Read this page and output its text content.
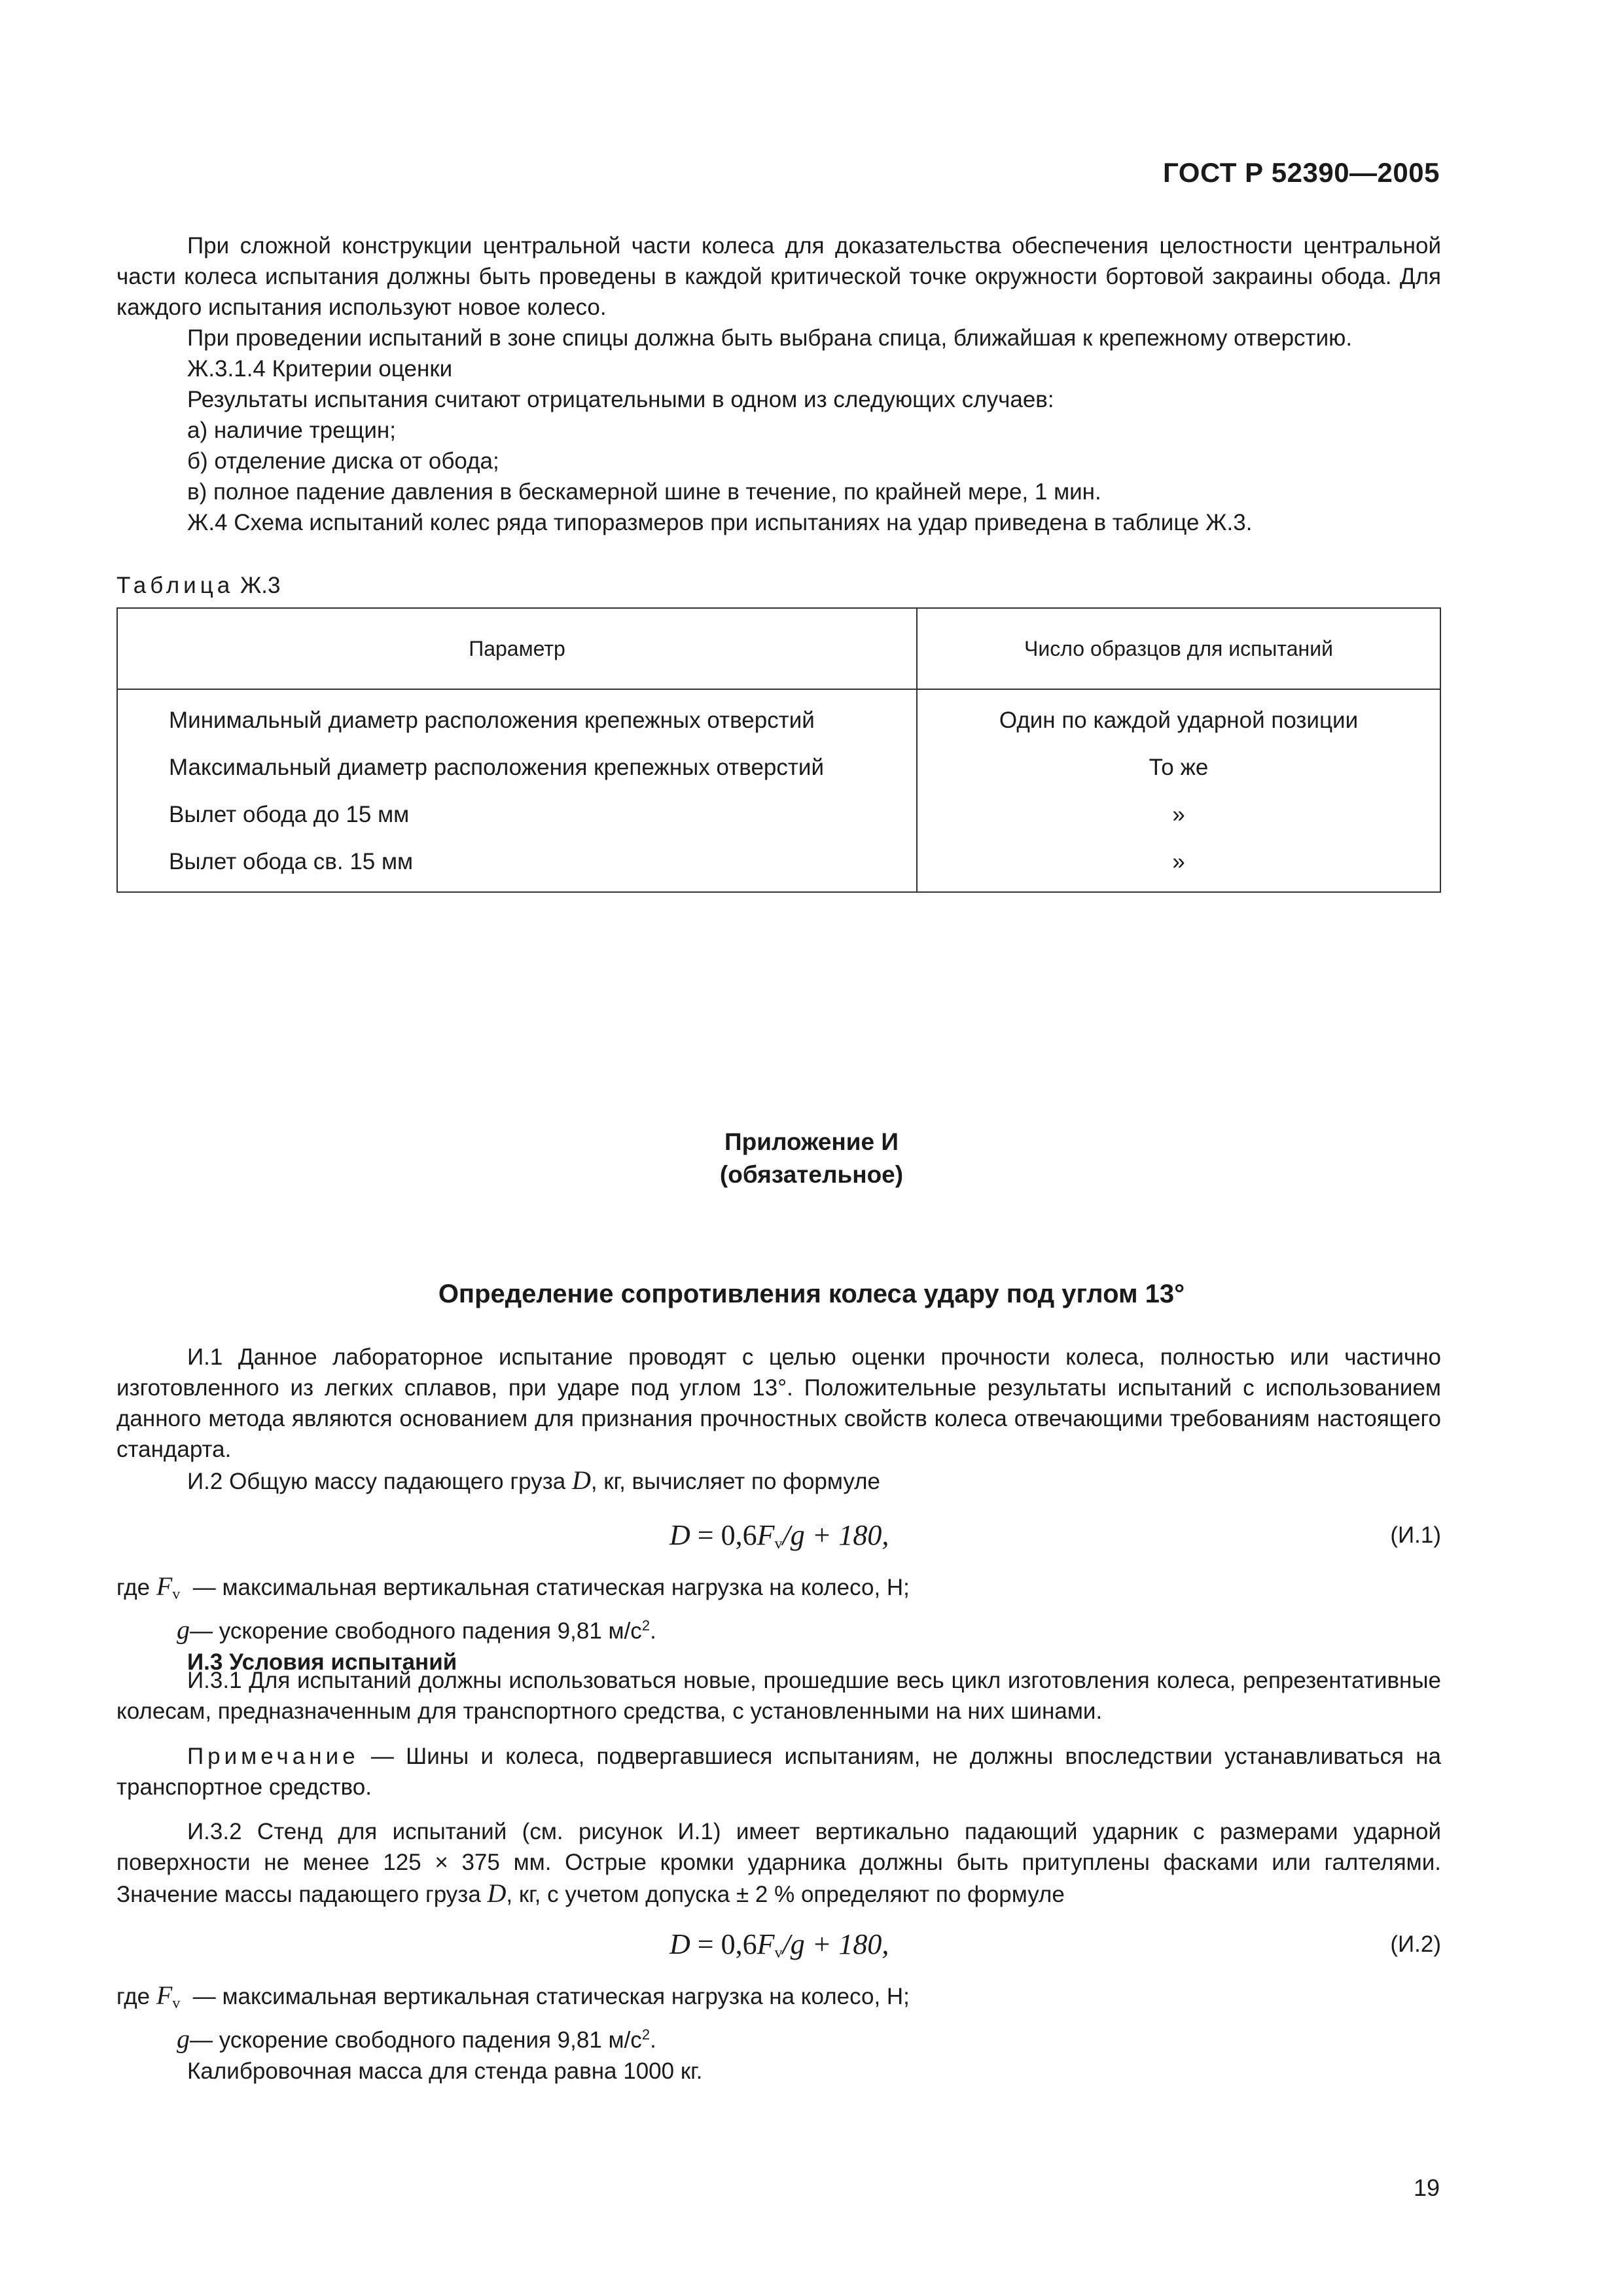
ГОСТ Р 52390—2005

При сложной конструкции центральной части колеса для доказательства обеспечения целостности центральной части колеса испытания должны быть проведены в каждой критической точке окружности бортовой закраины обода. Для каждого испытания используют новое колесо.

При проведении испытаний в зоне спицы должна быть выбрана спица, ближайшая к крепежному отверстию.

Ж.3.1.4 Критерии оценки

Результаты испытания считают отрицательными в одном из следующих случаев:

а) наличие трещин;

б) отделение диска от обода;

в) полное падение давления в бескамерной шине в течение, по крайней мере, 1 мин.

Ж.4 Схема испытаний колес ряда типоразмеров при испытаниях на удар приведена в таблице Ж.3.

Таблица Ж.3
Параметр	Число образцов для испытаний
Минимальный диаметр расположения крепежных отверстий	Один по каждой ударной позиции
Максимальный диаметр расположения крепежных отверстий	То же
Вылет обода до 15 мм	»
Вылет обода св. 15 мм	»
Приложение И
(обязательное)
Определение сопротивления колеса удару под углом 13°

И.1 Данное лабораторное испытание проводят с целью оценки прочности колеса, полностью или частично изготовленного из легких сплавов, при ударе под углом 13°. Положительные результаты испытаний с использованием данного метода являются основанием для признания прочностных свойств колеса отвечающими требованиям настоящего стандарта.

И.2 Общую массу падающего груза D, кг, вычисляет по формуле

$D = 0,6F_v/g + 180$,	(И.1)
где $F_v$ — максимальная вертикальная статическая нагрузка на колесо, Н;
g— ускорение свободного падения 9,81 $м/с^2$.
И.3 Условия испытаний

И.3.1 Для испытаний должны использоваться новые, прошедшие весь цикл изготовления колеса, репрезентативные колесам, предназначенным для транспортного средства, с установленными на них шинами.

Примечание — Шины и колеса, подвергавшиеся испытаниям, не должны впоследствии устанавливаться на транспортное средство.

И.3.2 Стенд для испытаний (см. рисунок И.1) имеет вертикально падающий ударник с размерами ударной поверхности не менее 125 × 375 мм. Острые кромки ударника должны быть притуплены фасками или галтелями. Значение массы падающего груза D, кг, с учетом допуска ± 2 % определяют по формуле

$D = 0,6F_v/g + 180$,	(И.2)
где $F_v$ — максимальная вертикальная статическая нагрузка на колесо, Н;
g— ускорение свободного падения 9,81 $м/с^2$.
Калибровочная масса для стенда равна 1000 кг.
19
